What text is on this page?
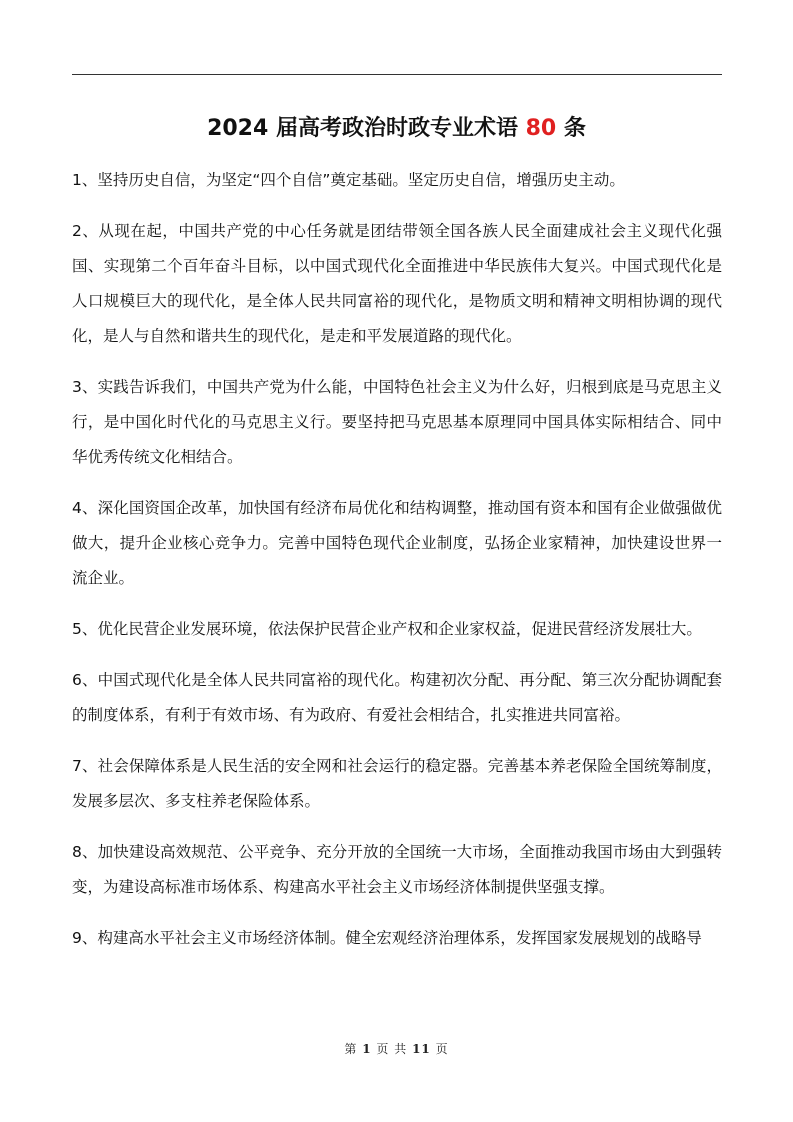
2024 届高考政治时政专业术语 80 条

1、坚持历史自信，为坚定“四个自信”奠定基础。坚定历史自信，增强历史主动。

2、从现在起，中国共产党的中心任务就是团结带领全国各族人民全面建成社会主义现代化强国、实现第二个百年奋斗目标，以中国式现代化全面推进中华民族伟大复兴。中国式现代化是人口规模巨大的现代化，是全体人民共同富裕的现代化，是物质文明和精神文明相协调的现代化，是人与自然和谐共生的现代化，是走和平发展道路的现代化。

3、实践告诉我们，中国共产党为什么能，中国特色社会主义为什么好，归根到底是马克思主义行，是中国化时代化的马克思主义行。要坚持把马克思基本原理同中国具体实际相结合、同中华优秀传统文化相结合。

4、深化国资国企改革，加快国有经济布局优化和结构调整，推动国有资本和国有企业做强做优做大，提升企业核心竞争力。完善中国特色现代企业制度，弘扬企业家精神，加快建设世界一流企业。

5、优化民营企业发展环境，依法保护民营企业产权和企业家权益，促进民营经济发展壮大。

6、中国式现代化是全体人民共同富裕的现代化。构建初次分配、再分配、第三次分配协调配套的制度体系，有利于有效市场、有为政府、有爱社会相结合，扎实推进共同富裕。

7、社会保障体系是人民生活的安全网和社会运行的稳定器。完善基本养老保险全国统筹制度，发展多层次、多支柱养老保险体系。

8、加快建设高效规范、公平竞争、充分开放的全国统一大市场，全面推动我国市场由大到强转变，为建设高标准市场体系、构建高水平社会主义市场经济体制提供坚强支撑。

9、构建高水平社会主义市场经济体制。健全宏观经济治理体系，发挥国家发展规划的战略导

第 1 页 共 11 页
